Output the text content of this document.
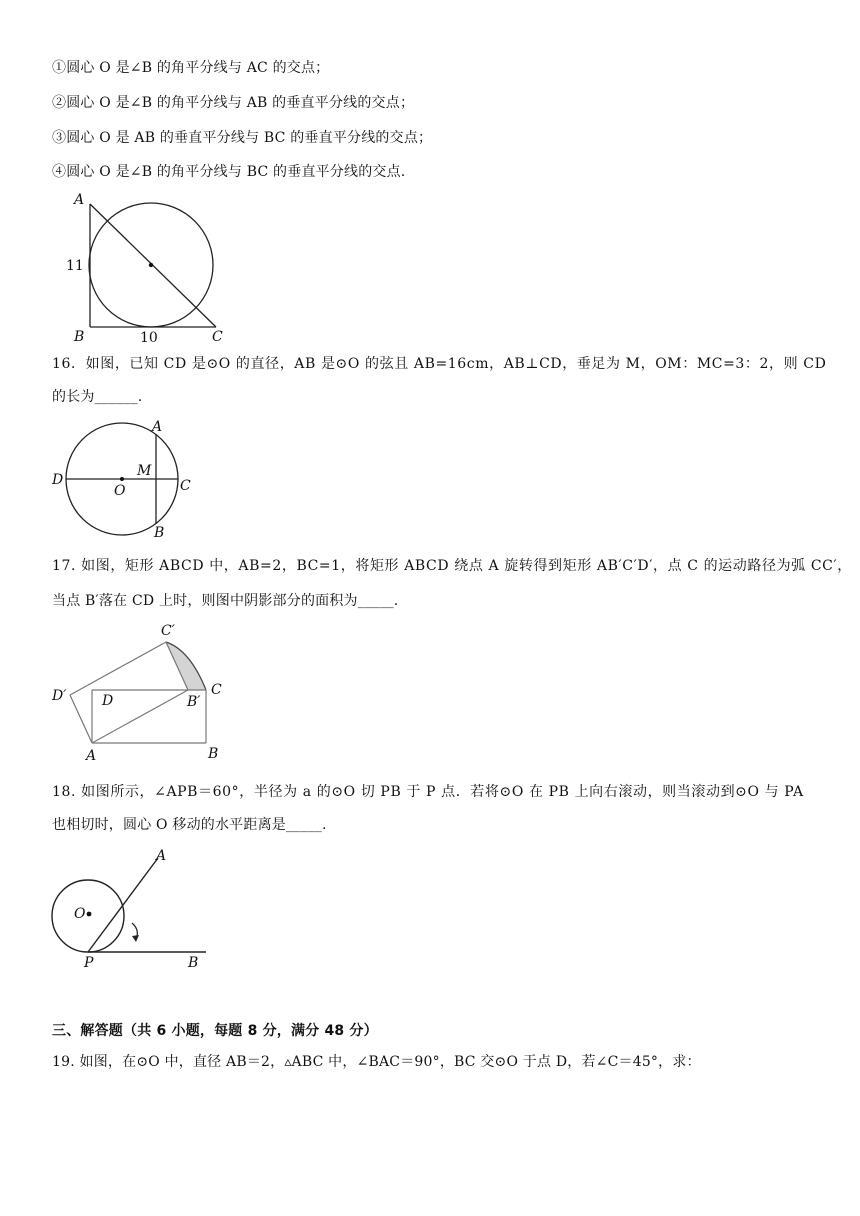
①圆心 O 是∠B 的角平分线与 AC 的交点；
②圆心 O 是∠B 的角平分线与 AB 的垂直平分线的交点；
③圆心 O 是 AB 的垂直平分线与 BC 的垂直平分线的交点；
④圆心 O 是∠B 的角平分线与 BC 的垂直平分线的交点.
A
B	C
11
10
16．如图，已知 CD 是⊙O 的直径，AB 是⊙O 的弦且 AB=16cm，AB⊥CD，垂足为 M，OM：MC=3：2，则 CD
的长为______.
A
B
C
D
M
O
17. 如图，矩形 ABCD 中，AB=2，BC=1，将矩形 ABCD 绕点 A 旋转得到矩形 AB′C′D′，点 C 的运动路径为弧 CC′，
当点 B′落在 CD 上时，则图中阴影部分的面积为_____.
A	B
C
D	B′
C′
D′
18. 如图所示，∠APB＝60°，半径为 a 的⊙O 切 PB 于 P 点．若将⊙O 在 PB 上向右滚动，则当滚动到⊙O 与 PA
也相切时，圆心 O 移动的水平距离是_____.
A
B
O
P
三、解答题（共 6 小题，每题 8 分，满分 48 分）
19. 如图，在⊙O 中，直径 AB＝2，▵ABC 中，∠BAC＝90°，BC 交⊙O 于点 D，若∠C＝45°，求：
